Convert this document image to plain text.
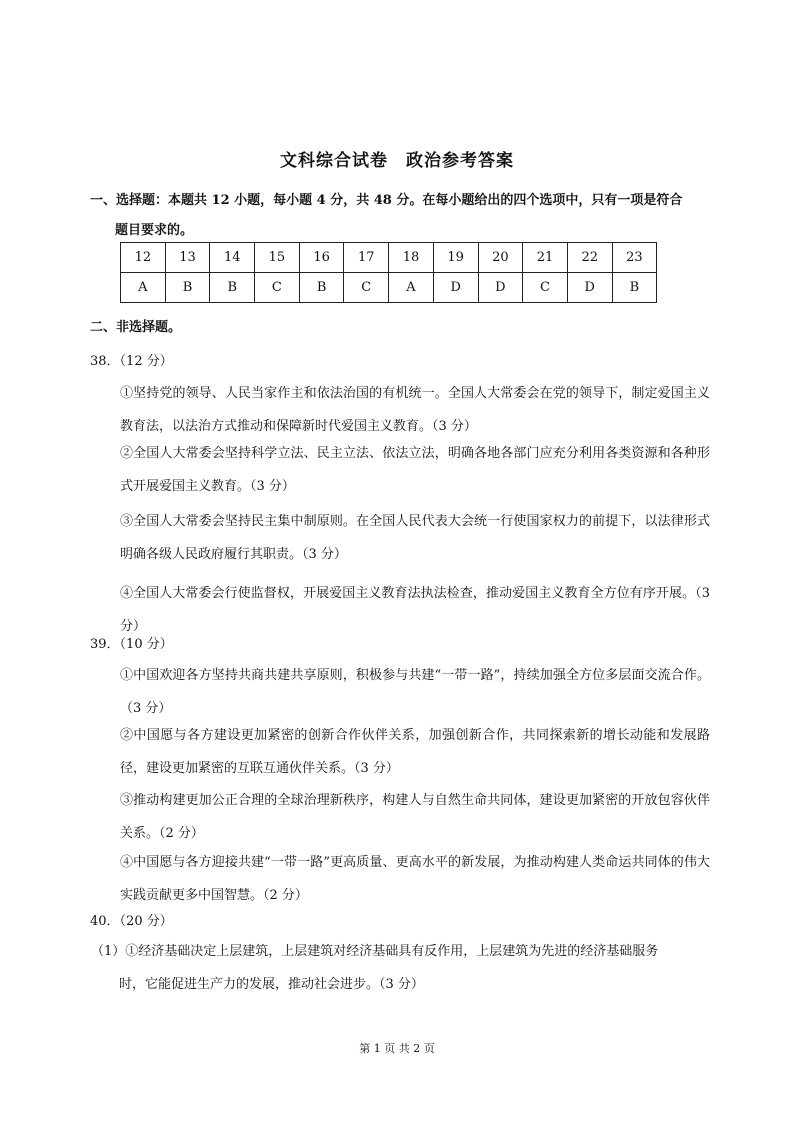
文科综合试卷 政治参考答案
一、选择题：本题共 12 小题，每小题 4 分，共 48 分。在每小题给出的四个选项中，只有一项是符合
题目要求的。
12	13	14	15	16	17	18	19	20	21	22	23
A	B	B	C	B	C	A	D	D	C	D	B
二、非选择题。
38．（12 分）
①坚持党的领导、人民当家作主和依法治国的有机统一。全国人大常委会在党的领导下，制定爱国主义教育法，以法治方式推动和保障新时代爱国主义教育。（3 分）
②全国人大常委会坚持科学立法、民主立法、依法立法，明确各地各部门应充分利用各类资源和各种形式开展爱国主义教育。（3 分）
③全国人大常委会坚持民主集中制原则。在全国人民代表大会统一行使国家权力的前提下，以法律形式明确各级人民政府履行其职责。（3 分）
④全国人大常委会行使监督权，开展爱国主义教育法执法检查，推动爱国主义教育全方位有序开展。（3 分）
39．（10 分）
①中国欢迎各方坚持共商共建共享原则，积极参与共建“一带一路”，持续加强全方位多层面交流合作。（3 分）
②中国愿与各方建设更加紧密的创新合作伙伴关系，加强创新合作，共同探索新的增长动能和发展路径，建设更加紧密的互联互通伙伴关系。（3 分）
③推动构建更加公正合理的全球治理新秩序，构建人与自然生命共同体，建设更加紧密的开放包容伙伴关系。（2 分）
④中国愿与各方迎接共建“一带一路”更高质量、更高水平的新发展，为推动构建人类命运共同体的伟大实践贡献更多中国智慧。（2 分）
40．（20 分）
（1）①经济基础决定上层建筑，上层建筑对经济基础具有反作用，上层建筑为先进的经济基础服务
时，它能促进生产力的发展，推动社会进步。（3 分）
第 1 页 共 2 页
